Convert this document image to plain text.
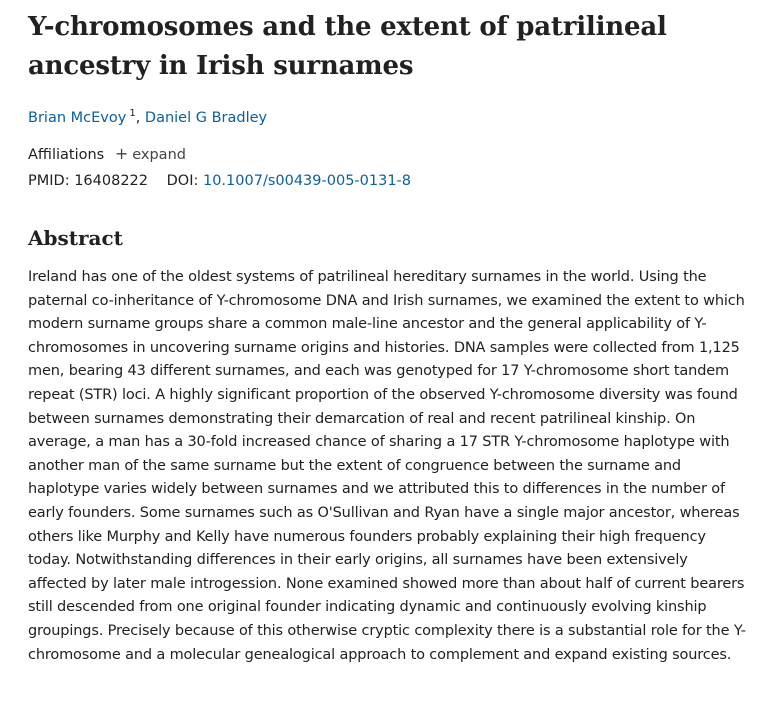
Y-chromosomes and the extent of patrilineal ancestry in Irish surnames
Brian McEvoy $^1$, Daniel G Bradley
Affiliations + expand
PMID: 16408222 DOI: 10.1007/s00439-005-0131-8
Abstract
Ireland has one of the oldest systems of patrilineal hereditary surnames in the world. Using the paternal co-inheritance of Y-chromosome DNA and Irish surnames, we examined the extent to which modern surname groups share a common male-line ancestor and the general applicability of Y-chromosomes in uncovering surname origins and histories. DNA samples were collected from 1,125 men, bearing 43 different surnames, and each was genotyped for 17 Y-chromosome short tandem repeat (STR) loci. A highly significant proportion of the observed Y-chromosome diversity was found between surnames demonstrating their demarcation of real and recent patrilineal kinship. On average, a man has a 30-fold increased chance of sharing a 17 STR Y-chromosome haplotype with another man of the same surname but the extent of congruence between the surname and haplotype varies widely between surnames and we attributed this to differences in the number of early founders. Some surnames such as O'Sullivan and Ryan have a single major ancestor, whereas others like Murphy and Kelly have numerous founders probably explaining their high frequency today. Notwithstanding differences in their early origins, all surnames have been extensively affected by later male introgession. None examined showed more than about half of current bearers still descended from one original founder indicating dynamic and continuously evolving kinship groupings. Precisely because of this otherwise cryptic complexity there is a substantial role for the Y-chromosome and a molecular genealogical approach to complement and expand existing sources.
